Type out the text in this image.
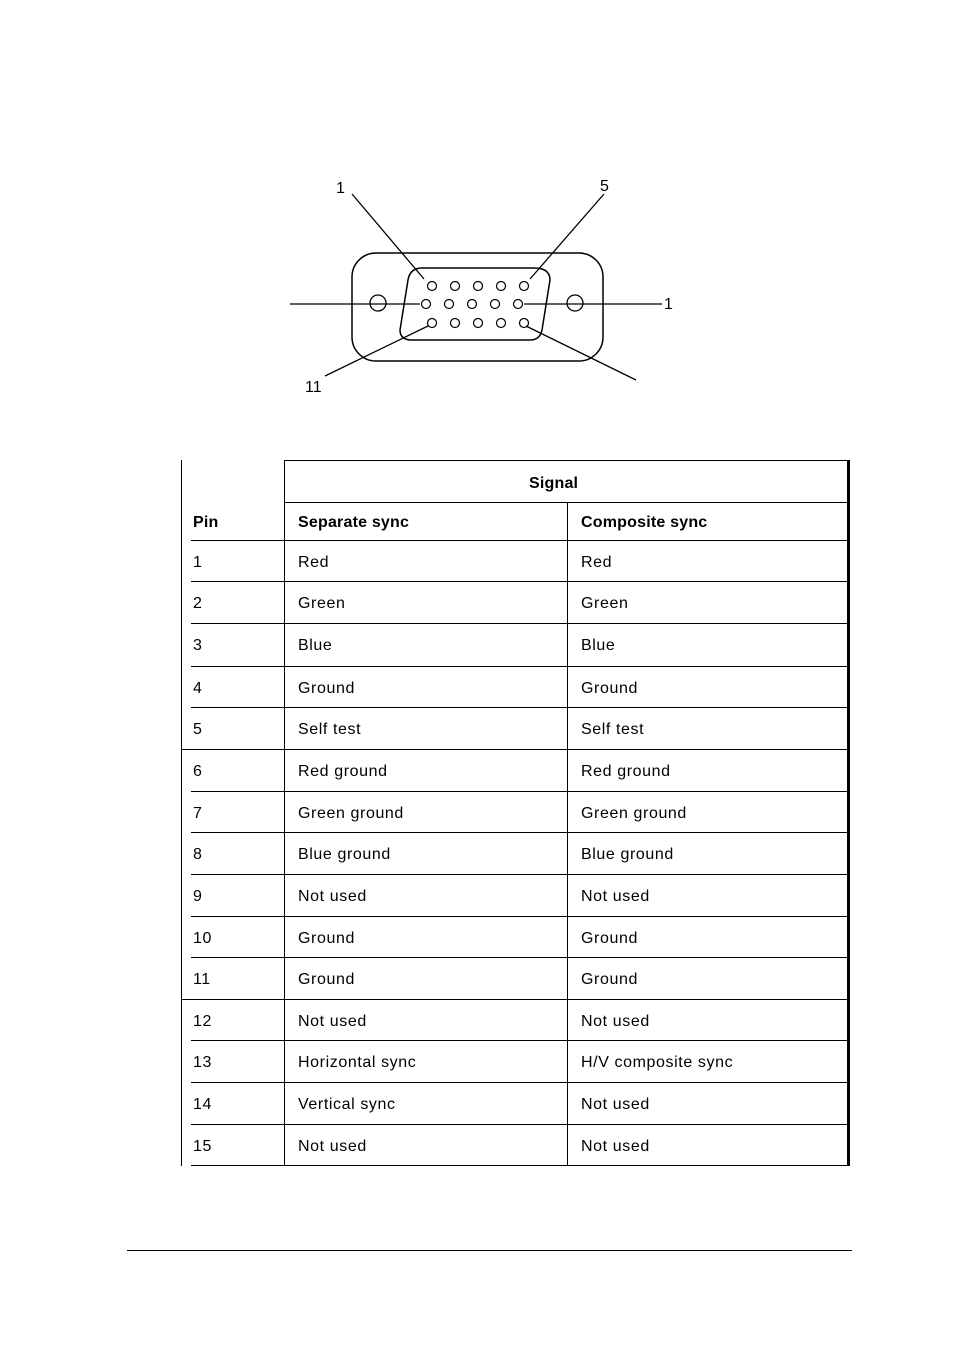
1	5
1
11
Signal
Pin	Separate sync	Composite sync
1	Red	Red
2	Green	Green
3	Blue	Blue
4	Ground	Ground
5	Self test	Self test
6	Red ground	Red ground
7	Green ground	Green ground
8	Blue ground	Blue ground
9	Not used	Not used
10	Ground	Ground
11	Ground	Ground
12	Not used	Not used
13	Horizontal sync	H/V composite sync
14	Vertical sync	Not used
15	Not used	Not used
